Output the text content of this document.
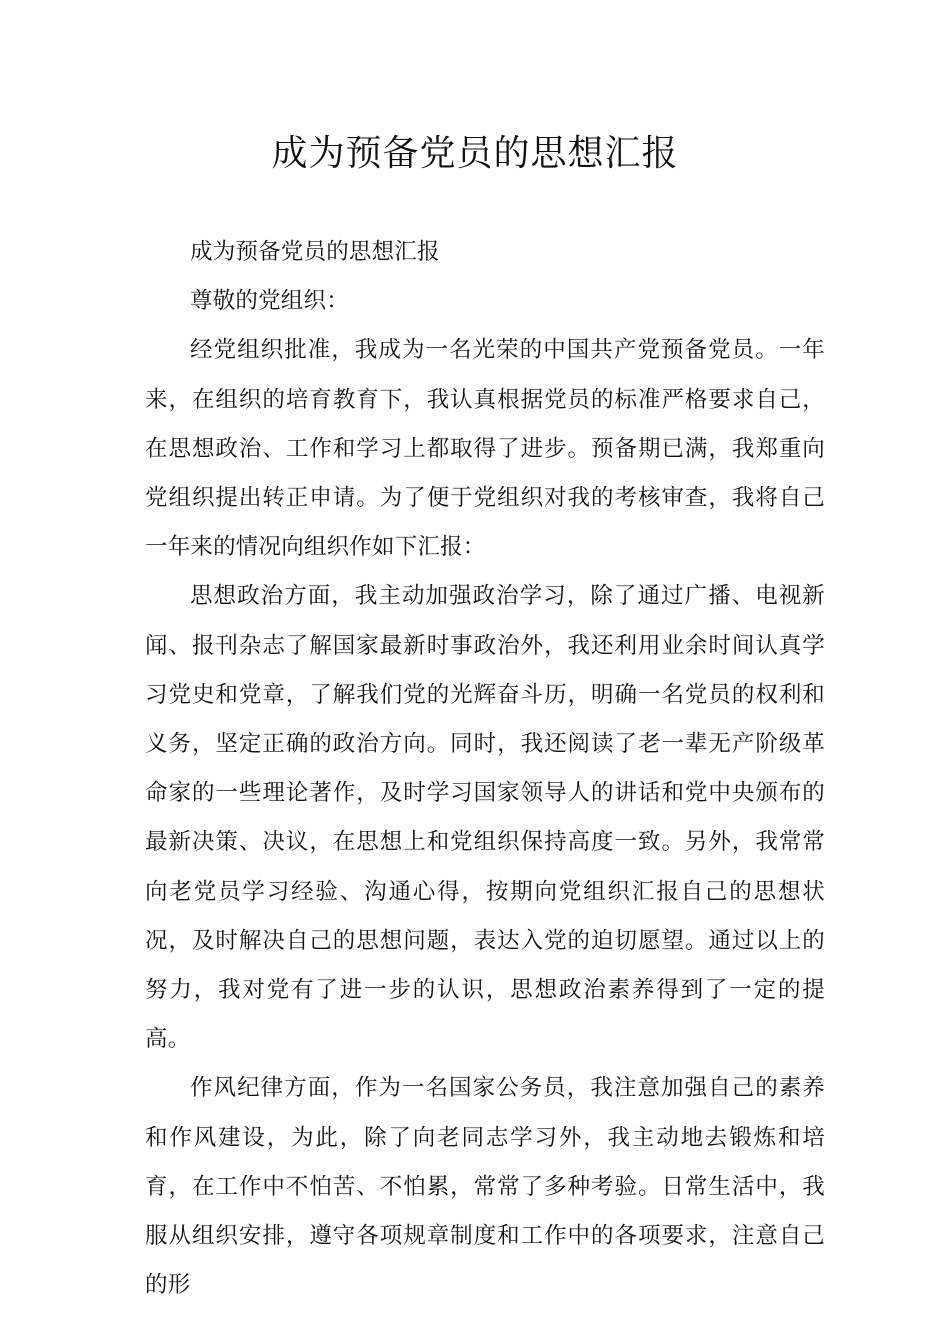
成为预备党员的思想汇报

成为预备党员的思想汇报

尊敬的党组织：

经党组织批准，我成为一名光荣的中国共产党预备党员。一年来，在组织的培育教育下，我认真根据党员的标准严格要求自己，在思想政治、工作和学习上都取得了进步。预备期已满，我郑重向党组织提出转正申请。为了便于党组织对我的考核审查，我将自己一年来的情况向组织作如下汇报：

思想政治方面，我主动加强政治学习，除了通过广播、电视新闻、报刊杂志了解国家最新时事政治外，我还利用业余时间认真学习党史和党章，了解我们党的光辉奋斗历，明确一名党员的权利和义务，坚定正确的政治方向。同时，我还阅读了老一辈无产阶级革命家的一些理论著作，及时学习国家领导人的讲话和党中央颁布的最新决策、决议，在思想上和党组织保持高度一致。另外，我常常向老党员学习经验、沟通心得，按期向党组织汇报自己的思想状况，及时解决自己的思想问题，表达入党的迫切愿望。通过以上的努力，我对党有了进一步的认识，思想政治素养得到了一定的提高。

作风纪律方面，作为一名国家公务员，我注意加强自己的素养和作风建设，为此，除了向老同志学习外，我主动地去锻炼和培育，在工作中不怕苦、不怕累，常常了多种考验。日常生活中，我服从组织安排，遵守各项规章制度和工作中的各项要求，注意自己的形
